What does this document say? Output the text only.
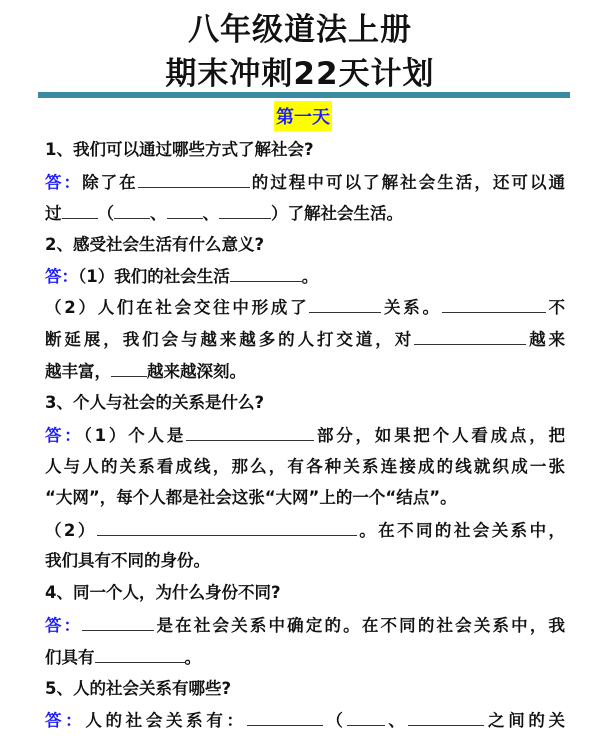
八年级道法上册
期末冲刺22天计划
第一天
1、我们可以通过哪些方式了解社会?
答：除了在	的过程中可以了解社会生活，还可以通
过 （ 、 、	）了解社会生活。
2、感受社会生活有什么意义?
答：（1）我们的社会生活	。
（2）人们在社会交往中形成了	关系。	不
断延展，我们会与越来越多的人打交道，对	越来
越丰富， 越来越深刻。
3、个人与社会的关系是什么?
答：（1）个人是	部分，如果把个人看成点，把
人与人的关系看成线，那么，有各种关系连接成的线就织成一张
“大网”，每个人都是社会这张“大网”上的一个“结点”。
（2）	。在不同的社会关系中，
我们具有不同的身份。
4、同一个人，为什么身份不同?
答：	是在社会关系中确定的。在不同的社会关系中，我
们具有	。
5、人的社会关系有哪些?
答：人的社会关系有：	（ 、	之间的关
